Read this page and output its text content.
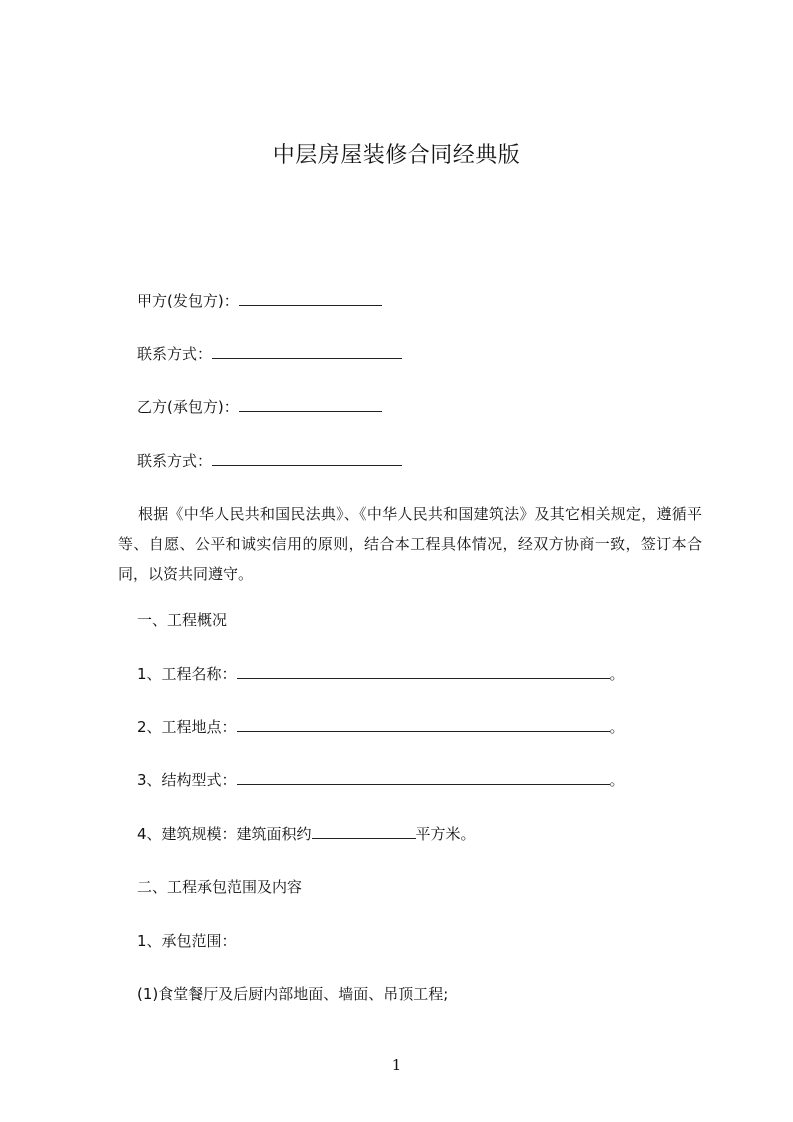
中层房屋装修合同经典版
甲方(发包方)：
联系方式：
乙方(承包方)：
联系方式：
根据《中华人民共和国民法典》、《中华人民共和国建筑法》及其它相关规定，遵循平等、自愿、公平和诚实信用的原则，结合本工程具体情况，经双方协商一致，签订本合同，以资共同遵守。
一、工程概况
1、工程名称：	。
2、工程地点：	。
3、结构型式：	。
4、建筑规模：建筑面积约	平方米。
二、工程承包范围及内容
1、承包范围：
(1)食堂餐厅及后厨内部地面、墙面、吊顶工程;
1
